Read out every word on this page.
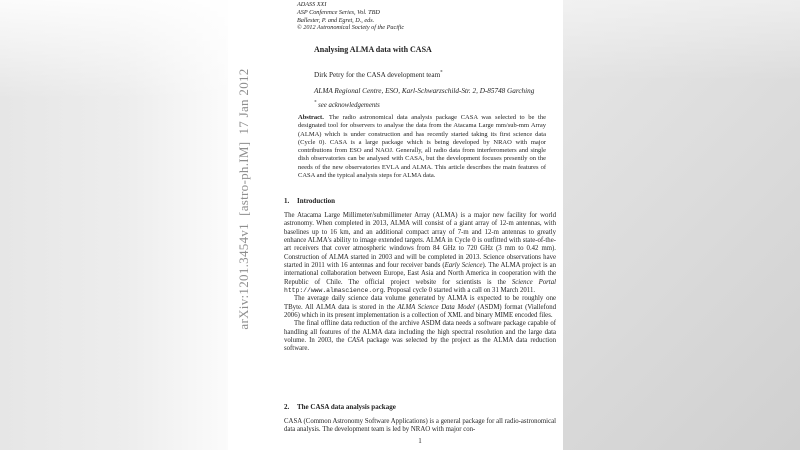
ADASS XXI
ASP Conference Series, Vol. TBD
Ballester, P. and Egret, D., eds.
© 2012 Astronomical Society of the Pacific
Analysing ALMA data with CASA
Dirk Petry for the CASA development team*
ALMA Regional Centre, ESO, Karl-Schwarzschild-Str. 2, D-85748 Garching
* see acknowledgements
Abstract. The radio astronomical data analysis package CASA was selected to be the designated tool for observers to analyse the data from the Atacama Large mm/sub-mm Array (ALMA) which is under construction and has recently started taking its first science data (Cycle 0). CASA is a large package which is being developed by NRAO with major contributions from ESO and NAOJ. Generally, all radio data from interferometers and single dish observatories can be analysed with CASA, but the development focuses presently on the needs of the new observatories EVLA and ALMA. This article describes the main features of CASA and the typical analysis steps for ALMA data.
1. Introduction

The Atacama Large Millimeter/submillimeter Array (ALMA) is a major new facility for world astronomy. When completed in 2013, ALMA will consist of a giant array of 12-m antennas, with baselines up to 16 km, and an additional compact array of 7-m and 12-m antennas to greatly enhance ALMA's ability to image extended targets. ALMA in Cycle 0 is outfitted with state-of-the-art receivers that cover atmospheric windows from 84 GHz to 720 GHz (3 mm to 0.42 mm). Construction of ALMA started in 2003 and will be completed in 2013. Science observations have started in 2011 with 16 antennas and four receiver bands (Early Science). The ALMA project is an international collaboration between Europe, East Asia and North America in cooperation with the Republic of Chile. The official project website for scientists is the Science Portal http://www.almascience.org. Proposal cycle 0 started with a call on 31 March 2011.

The average daily science data volume generated by ALMA is expected to be roughly one TByte. All ALMA data is stored in the ALMA Science Data Model (ASDM) format (Viallefond 2006) which in its present implementation is a collection of XML and binary MIME encoded files.

The final offline data reduction of the archive ASDM data needs a software package capable of handling all features of the ALMA data including the high spectral resolution and the large data volume. In 2003, the CASA package was selected by the project as the ALMA data reduction software.

2. The CASA data analysis package

CASA (Common Astronomy Software Applications) is a general package for all radio-astronomical data analysis. The development team is led by NRAO with major con-

1
arXiv:1201.3454v1  [astro-ph.IM]  17 Jan 2012
